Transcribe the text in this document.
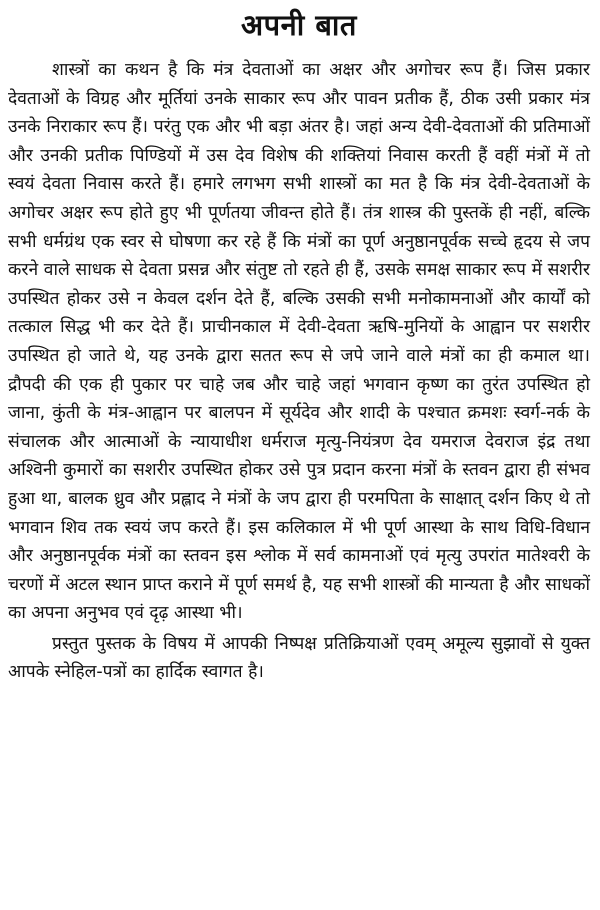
अपनी बात

शास्त्रों का कथन है कि मंत्र देवताओं का अक्षर और अगोचर रूप हैं। जिस प्रकार देवताओं के विग्रह और मूर्तियां उनके साकार रूप और पावन प्रतीक हैं, ठीक उसी प्रकार मंत्र उनके निराकार रूप हैं। परंतु एक और भी बड़ा अंतर है। जहां अन्य देवी-देवताओं की प्रतिमाओं और उनकी प्रतीक पिण्डियों में उस देव विशेष की शक्तियां निवास करती हैं वहीं मंत्रों में तो स्वयं देवता निवास करते हैं। हमारे लगभग सभी शास्त्रों का मत है कि मंत्र देवी-देवताओं के अगोचर अक्षर रूप होते हुए भी पूर्णतया जीवन्त होते हैं। तंत्र शास्त्र की पुस्तकें ही नहीं, बल्कि सभी धर्मग्रंथ एक स्वर से घोषणा कर रहे हैं कि मंत्रों का पूर्ण अनुष्ठानपूर्वक सच्चे हृदय से जप करने वाले साधक से देवता प्रसन्न और संतुष्ट तो रहते ही हैं, उसके समक्ष साकार रूप में सशरीर उपस्थित होकर उसे न केवल दर्शन देते हैं, बल्कि उसकी सभी मनोकामनाओं और कार्यों को तत्काल सिद्ध भी कर देते हैं। प्राचीनकाल में देवी-देवता ऋषि-मुनियों के आह्वान पर सशरीर उपस्थित हो जाते थे, यह उनके द्वारा सतत रूप से जपे जाने वाले मंत्रों का ही कमाल था। द्रौपदी की एक ही पुकार पर चाहे जब और चाहे जहां भगवान कृष्ण का तुरंत उपस्थित हो जाना, कुंती के मंत्र-आह्वान पर बालपन में सूर्यदेव और शादी के पश्चात क्रमशः स्वर्ग-नर्क के संचालक और आत्माओं के न्यायाधीश धर्मराज मृत्यु-नियंत्रण देव यमराज देवराज इंद्र तथा अश्विनी कुमारों का सशरीर उपस्थित होकर उसे पुत्र प्रदान करना मंत्रों के स्तवन द्वारा ही संभव हुआ था, बालक ध्रुव और प्रह्लाद ने मंत्रों के जप द्वारा ही परमपिता के साक्षात् दर्शन किए थे तो भगवान शिव तक स्वयं जप करते हैं। इस कलिकाल में भी पूर्ण आस्था के साथ विधि-विधान और अनुष्ठानपूर्वक मंत्रों का स्तवन इस श्लोक में सर्व कामनाओं एवं मृत्यु उपरांत मातेश्वरी के चरणों में अटल स्थान प्राप्त कराने में पूर्ण समर्थ है, यह सभी शास्त्रों की मान्यता है और साधकों का अपना अनुभव एवं दृढ़ आस्था भी।

प्रस्तुत पुस्तक के विषय में आपकी निष्पक्ष प्रतिक्रियाओं एवम् अमूल्य सुझावों से युक्त आपके स्नेहिल-पत्रों का हार्दिक स्वागत है।
